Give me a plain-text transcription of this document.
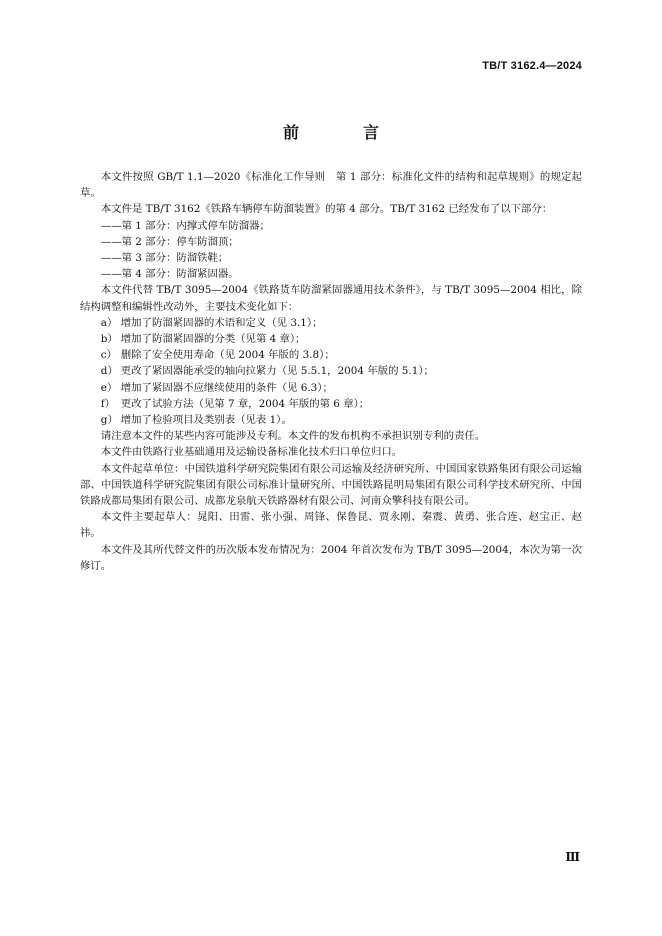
TB/T 3162.4—2024
前　言

本文件按照 GB/T 1.1—2020《标准化工作导则　第 1 部分：标准化文件的结构和起草规则》的规定起草。

本文件是 TB/T 3162《铁路车辆停车防溜装置》的第 4 部分。TB/T 3162 已经发布了以下部分：

——第 1 部分：内撑式停车防溜器；

——第 2 部分：停车防溜顶；

——第 3 部分：防溜铁鞋；

——第 4 部分：防溜紧固器。

本文件代替 TB/T 3095—2004《铁路货车防溜紧固器通用技术条件》，与 TB/T 3095—2004 相比，除结构调整和编辑性改动外，主要技术变化如下：

a） 增加了防溜紧固器的术语和定义（见 3.1）；
b） 增加了防溜紧固器的分类（见第 4 章）；
c） 删除了安全使用寿命（见 2004 年版的 3.8）；
d） 更改了紧固器能承受的轴向拉紧力（见 5.5.1，2004 年版的 5.1）；
e） 增加了紧固器不应继续使用的条件（见 6.3）；
f） 更改了试验方法（见第 7 章，2004 年版的第 6 章）；
g） 增加了检验项目及类别表（见表 1）。

请注意本文件的某些内容可能涉及专利。本文件的发布机构不承担识别专利的责任。

本文件由铁路行业基础通用及运输设备标准化技术归口单位归口。

本文件起草单位：中国铁道科学研究院集团有限公司运输及经济研究所、中国国家铁路集团有限公司运输部、中国铁道科学研究院集团有限公司标准计量研究所、中国铁路昆明局集团有限公司科学技术研究所、中国铁路成都局集团有限公司、成都龙泉航天铁路器材有限公司、河南众擎科技有限公司。

本文件主要起草人：晁阳、田雷、张小强、周锋、保鲁昆、贾永刚、秦震、黄勇、张合连、赵宝正、赵祎。

本文件及其所代替文件的历次版本发布情况为：2004 年首次发布为 TB/T 3095—2004，本次为第一次修订。

Ⅲ
